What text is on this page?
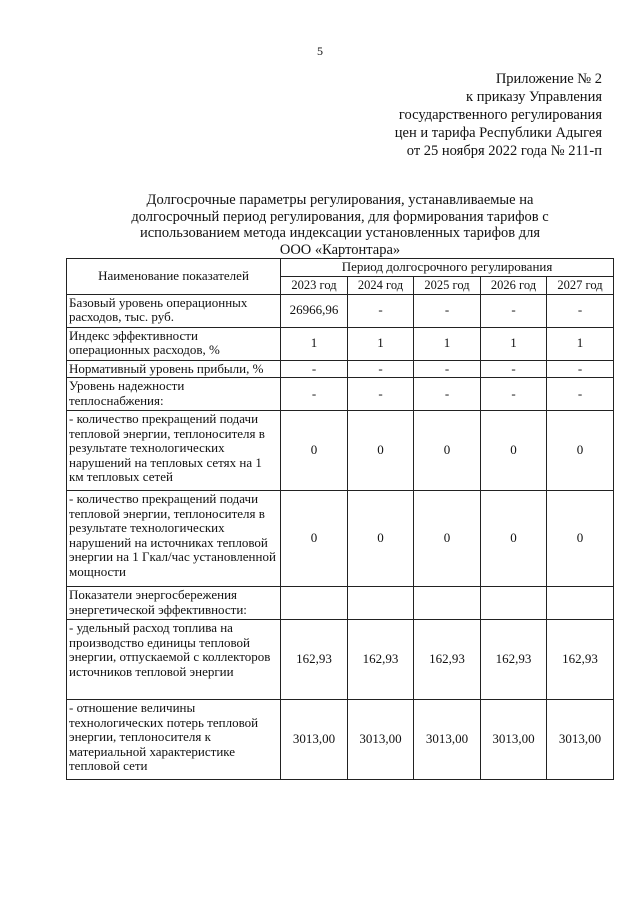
5
Приложение № 2
к приказу Управления
государственного регулирования
цен и тарифа Республики Адыгея
от 25 ноября 2022 года № 211-п
Долгосрочные параметры регулирования, устанавливаемые на
долгосрочный период регулирования, для формирования тарифов с
использованием метода индексации установленных тарифов для
ООО «Картонтара»
Наименование показателей	Период долгосрочного регулирования				
	2023 год	2024 год	2025 год	2026 год	2027 год
Базовый уровень операционных расходов, тыс. руб.	26966,96	-	-	-	-
Индекс эффективности операционных расходов, %	1	1	1	1	1
Нормативный уровень прибыли, %	-	-	-	-	-
Уровень надежности теплоснабжения:	-	-	-	-	-
- количество прекращений подачи тепловой энергии, теплоносителя в результате технологических нарушений на тепловых сетях на 1 км тепловых сетей	0	0	0	0	0
- количество прекращений подачи тепловой энергии, теплоносителя в результате технологических нарушений на источниках тепловой энергии на 1 Гкал/час установленной мощности	0	0	0	0	0
Показатели энергосбережения энергетической эффективности:					
- удельный расход топлива на производство единицы тепловой энергии, отпускаемой с коллекторов источников тепловой энергии	162,93	162,93	162,93	162,93	162,93
- отношение величины технологических потерь тепловой энергии, теплоносителя к материальной характеристике тепловой сети	3013,00	3013,00	3013,00	3013,00	3013,00
